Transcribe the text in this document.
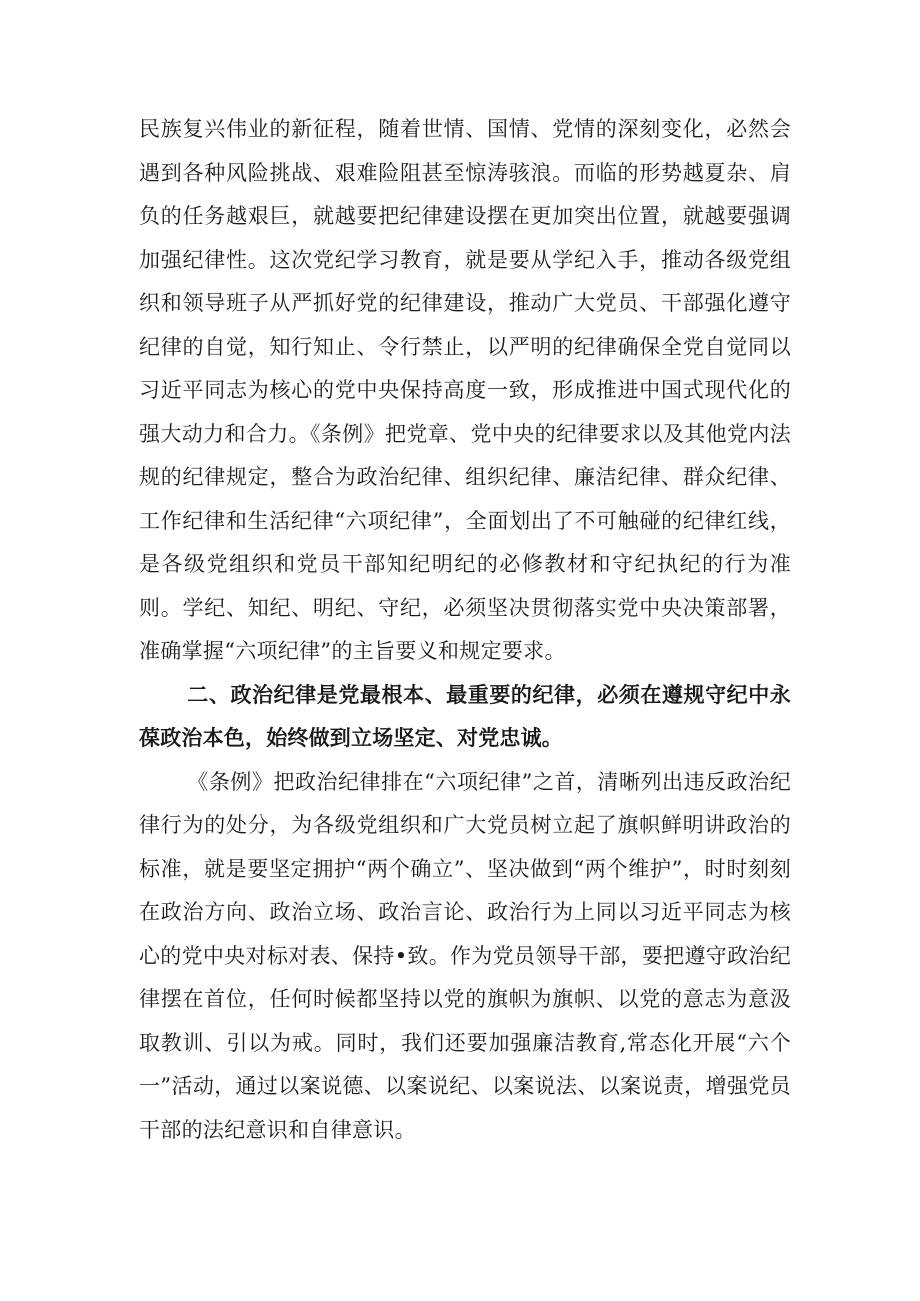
民族复兴伟业的新征程，随着世情、国情、党情的深刻变化，必然会遇到各种风险挑战、艰难险阻甚至惊涛骇浪。而临的形势越夏杂、肩负的任务越艰巨，就越要把纪律建设摆在更加突出位置，就越要强调加强纪律性。这次党纪学习教育，就是要从学纪入手，推动各级党组织和领导班子从严抓好党的纪律建设，推动广大党员、干部强化遵守纪律的自觉，知行知止、令行禁止，以严明的纪律确保全党自觉同以习近平同志为核心的党中央保持高度一致，形成推进中国式现代化的强大动力和合力。《条例》把党章、党中央的纪律要求以及其他党内法规的纪律规定，整合为政治纪律、组织纪律、廉洁纪律、群众纪律、工作纪律和生活纪律“六项纪律”，全面划出了不可触碰的纪律红线，是各级党组织和党员干部知纪明纪的必修教材和守纪执纪的行为准则。学纪、知纪、明纪、守纪，必须坚决贯彻落实党中央决策部署，准确掌握“六项纪律”的主旨要义和规定要求。

二、政治纪律是党最根本、最重要的纪律，必须在遵规守纪中永葆政治本色，始终做到立场坚定、对党忠诚。

《条例》把政治纪律排在“六项纪律”之首，清晰列出违反政治纪律行为的处分，为各级党组织和广大党员树立起了旗帜鲜明讲政治的标准，就是要坚定拥护“两个确立”、坚决做到“两个维护”，时时刻刻在政治方向、政治立场、政治言论、政治行为上同以习近平同志为核心的党中央对标对表、保持•致。作为党员领导干部，要把遵守政治纪律摆在首位，任何时候都坚持以党的旗帜为旗帜、以党的意志为意汲取教训、引以为戒。同时，我们还要加强廉洁教育,常态化开展“六个一”活动，通过以案说德、以案说纪、以案说法、以案说责，增强党员干部的法纪意识和自律意识。
